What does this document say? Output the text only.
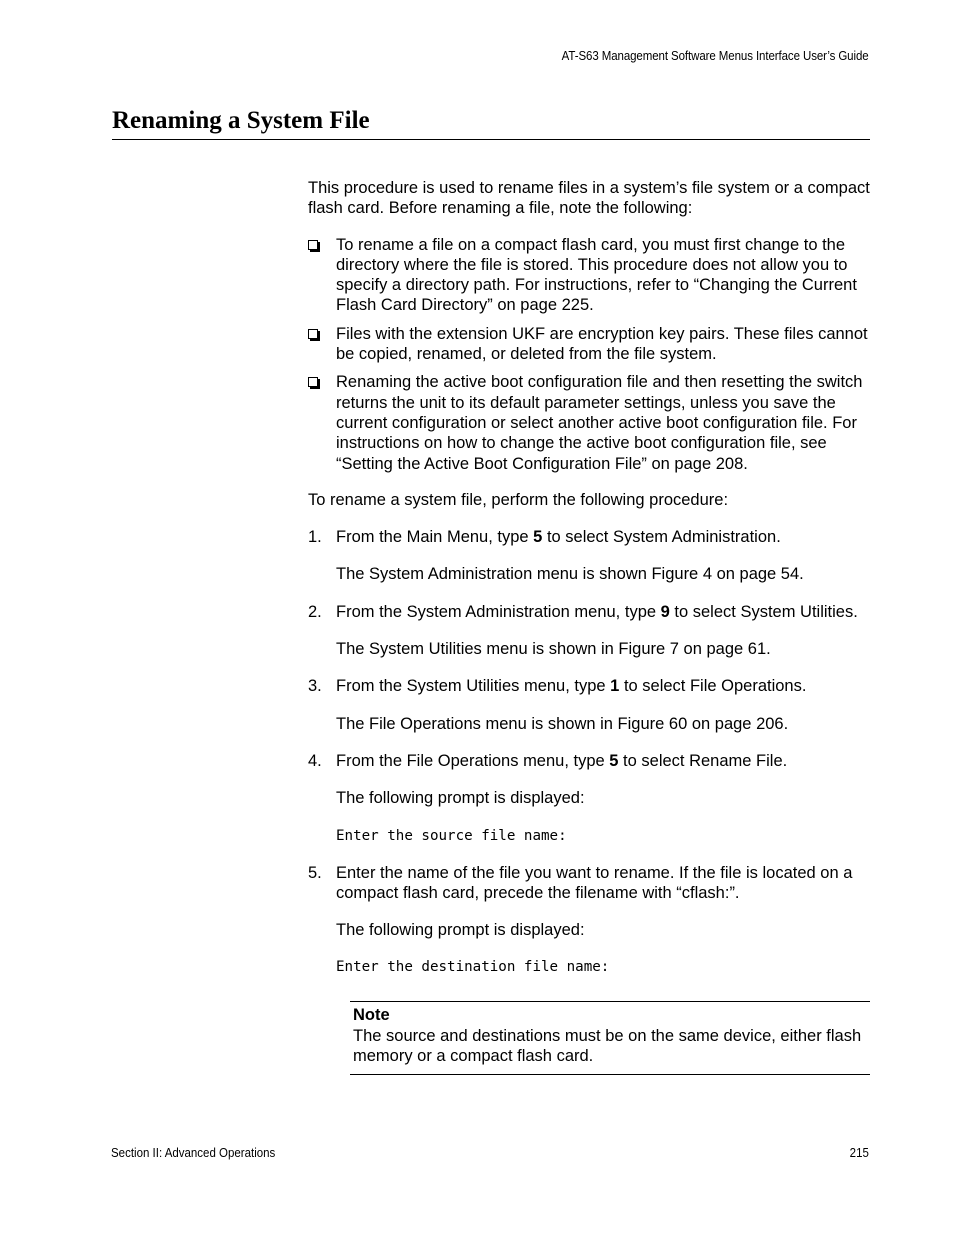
AT-S63 Management Software Menus Interface User’s Guide
Renaming a System File

This procedure is used to rename files in a system’s file system or a compact flash card. Before renaming a file, note the following:

To rename a file on a compact flash card, you must first change to the directory where the file is stored. This procedure does not allow you to specify a directory path. For instructions, refer to “Changing the Current Flash Card Directory” on page 225.
Files with the extension UKF are encryption key pairs. These files cannot be copied, renamed, or deleted from the file system.
Renaming the active boot configuration file and then resetting the switch returns the unit to its default parameter settings, unless you save the current configuration or select another active boot configuration file. For instructions on how to change the active boot configuration file, see “Setting the Active Boot Configuration File” on page 208.

To rename a system file, perform the following procedure:

1. From the Main Menu, type 5 to select System Administration.

The System Administration menu is shown Figure 4 on page 54.

2. From the System Administration menu, type 9 to select System Utilities.

The System Utilities menu is shown in Figure 7 on page 61.

3. From the System Utilities menu, type 1 to select File Operations.

The File Operations menu is shown in Figure 60 on page 206.

4. From the File Operations menu, type 5 to select Rename File.

The following prompt is displayed:

Enter the source file name:
5. Enter the name of the file you want to rename. If the file is located on a compact flash card, precede the filename with “cflash:”.

The following prompt is displayed:

Enter the destination file name:
Note
The source and destinations must be on the same device, either flash memory or a compact flash card.
Section II: Advanced Operations	215
